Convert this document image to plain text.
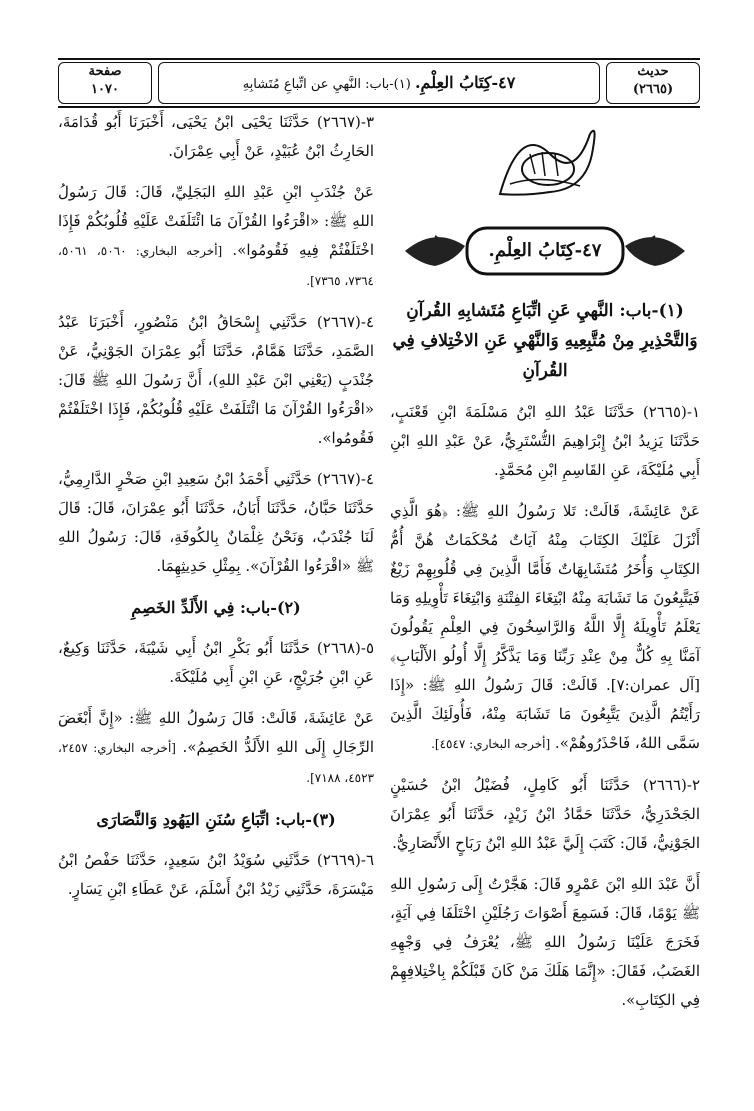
حديث
(٢٦٦٥)
٤٧-كِتَابُ العِلْمِ. (١)-باب: النَّهيِ عن اتِّباعِ مُتَشابِهِ
صفحة
١٠٧٠
٤٧-كِتَابُ العِلْمِ.
(١)-باب: النَّهيِ عَنِ اتِّبَاعِ مُتَشابِهِ القُرآنِ وَالتَّحْذِيرِ مِنْ مُتَّبِعِيهِ وَالنَّهْيِ عَنِ الاخْتِلافِ فِي القُرآنِ

١-(٢٦٦٥) حَدَّثَنَا عَبْدُ اللهِ ابْنُ مَسْلَمَةَ ابْنِ قَعْنَبٍ، حَدَّثَنَا يَزِيدُ ابْنُ إِبْرَاهِيمَ التُّسْتَرِيُّ، عَنْ عَبْدِ اللهِ ابْنِ أَبِي مُلَيْكَةَ، عَنِ القَاسِمِ ابْنِ مُحَمَّدٍ.

عَنْ عَائِشَةَ، قَالَتْ: تَلا رَسُولُ اللهِ ﷺ: ﴿هُوَ الَّذِي أَنْزَلَ عَلَيْكَ الكِتَابَ مِنْهُ آيَاتٌ مُحْكَمَاتٌ هُنَّ أُمُّ الكِتَابِ وَأُخَرُ مُتَشَابِهَاتٌ فَأَمَّا الَّذِينَ فِي قُلُوبِهِمْ زَيْغٌ فَيَتَّبِعُونَ مَا تَشَابَهَ مِنْهُ ابْتِغَاءَ الفِتْنَةِ وَابْتِغَاءَ تَأْوِيلِهِ وَمَا يَعْلَمُ تَأْوِيلَهُ إِلَّا اللَّهُ وَالرَّاسِخُونَ فِي العِلْمِ يَقُولُونَ آمَنَّا بِهِ كُلٌّ مِنْ عِنْدِ رَبِّنَا وَمَا يَذَّكَّرُ إِلَّا أُولُو الأَلْبَابِ﴾ [آل عمران:٧]. قَالَتْ: قَالَ رَسُولُ اللهِ ﷺ: «إِذَا رَأَيْتُمُ الَّذِينَ يَتَّبِعُونَ مَا تَشَابَهَ مِنْهُ، فَأُولَئِكَ الَّذِينَ سَمَّى اللهُ، فَاحْذَرُوهُمْ». [أخرجه البخاري: ٤٥٤٧].

٢-(٢٦٦٦) حَدَّثَنَا أَبُو كَامِلٍ، فُضَيْلُ ابْنُ حُسَيْنٍ الجَحْدَرِيُّ، حَدَّثَنَا حَمَّادُ ابْنُ زَيْدٍ، حَدَّثَنَا أَبُو عِمْرَانَ الجَوْنِيُّ، قَالَ: كَتَبَ إِلَيَّ عَبْدُ اللهِ ابْنُ رَبَاحٍ الأَنْصَارِيُّ.

أَنَّ عَبْدَ اللهِ ابْنَ عَمْرٍو قَالَ: هَجَّرْتُ إِلَى رَسُولِ اللهِ ﷺ يَوْمًا، قَالَ: فَسَمِعَ أَصْوَاتَ رَجُلَيْنِ اخْتَلَفَا فِي آيَةٍ، فَخَرَجَ عَلَيْنَا رَسُولُ اللهِ ﷺ، يُعْرَفُ فِي وَجْهِهِ الغَضَبُ، فَقَالَ: «إِنَّمَا هَلَكَ مَنْ كَانَ قَبْلَكُمْ بِاخْتِلافِهِمْ فِي الكِتَابِ».

٣-(٢٦٦٧) حَدَّثَنَا يَحْيَى ابْنُ يَحْيَى، أَخْبَرَنَا أَبُو قُدَامَةَ، الحَارِثُ ابْنُ عُبَيْدٍ، عَنْ أَبِي عِمْرَانَ.

عَنْ جُنْدَبِ ابْنِ عَبْدِ اللهِ البَجَلِيِّ، قَالَ: قَالَ رَسُولُ اللهِ ﷺ: «اقْرَءُوا القُرْآنَ مَا ائْتَلَفَتْ عَلَيْهِ قُلُوبُكُمْ فَإِذَا اخْتَلَفْتُمْ فِيهِ فَقُومُوا». [أخرجه البخاري: ٥٠٦٠، ٥٠٦١، ٧٣٦٤، ٧٣٦٥].

٤-(٢٦٦٧) حَدَّثَنِي إِسْحَاقُ ابْنُ مَنْصُورٍ، أَخْبَرَنَا عَبْدُ الصَّمَدِ، حَدَّثَنَا هَمَّامٌ، حَدَّثَنَا أَبُو عِمْرَانَ الجَوْنِيُّ، عَنْ جُنْدَبٍ (يَعْنِي ابْنَ عَبْدِ اللهِ)، أَنَّ رَسُولَ اللهِ ﷺ قَالَ: «اقْرَءُوا القُرْآنَ مَا ائْتَلَفَتْ عَلَيْهِ قُلُوبُكُمْ، فَإِذَا اخْتَلَفْتُمْ فَقُومُوا».

٤-(٢٦٦٧) حَدَّثَنِي أَحْمَدُ ابْنُ سَعِيدِ ابْنِ صَخْرٍ الدَّارِمِيُّ، حَدَّثَنَا حَبَّانُ، حَدَّثَنَا أَبَانُ، حَدَّثَنَا أَبُو عِمْرَانَ، قَالَ: قَالَ لَنَا جُنْدَبٌ، وَنَحْنُ غِلْمَانٌ بِالكُوفَةِ، قَالَ: رَسُولُ اللهِ ﷺ «اقْرَءُوا القُرْآنَ». بِمِثْلِ حَدِيثِهِمَا.

(٢)-باب: فِي الأَلَدِّ الخَصِمِ

٥-(٢٦٦٨) حَدَّثَنَا أَبُو بَكْرِ ابْنُ أَبِي شَيْبَةَ، حَدَّثَنَا وَكِيعٌ، عَنِ ابْنِ جُرَيْجٍ، عَنِ ابْنِ أَبِي مُلَيْكَةَ.

عَنْ عَائِشَةَ، قَالَتْ: قَالَ رَسُولُ اللهِ ﷺ: «إِنَّ أَبْغَضَ الرِّجَالِ إِلَى اللهِ الأَلَدُّ الخَصِمُ». [أخرجه البخاري: ٢٤٥٧، ٤٥٢٣، ٧١٨٨].

(٣)-باب: اتِّبَاعِ سُنَنِ اليَهُودِ وَالنَّصَارَى

٦-(٢٦٦٩) حَدَّثَنِي سُوَيْدُ ابْنُ سَعِيدٍ، حَدَّثَنَا حَفْصُ ابْنُ مَيْسَرَةَ، حَدَّثَنِي زَيْدُ ابْنُ أَسْلَمَ، عَنْ عَطَاءِ ابْنِ يَسَارٍ.
